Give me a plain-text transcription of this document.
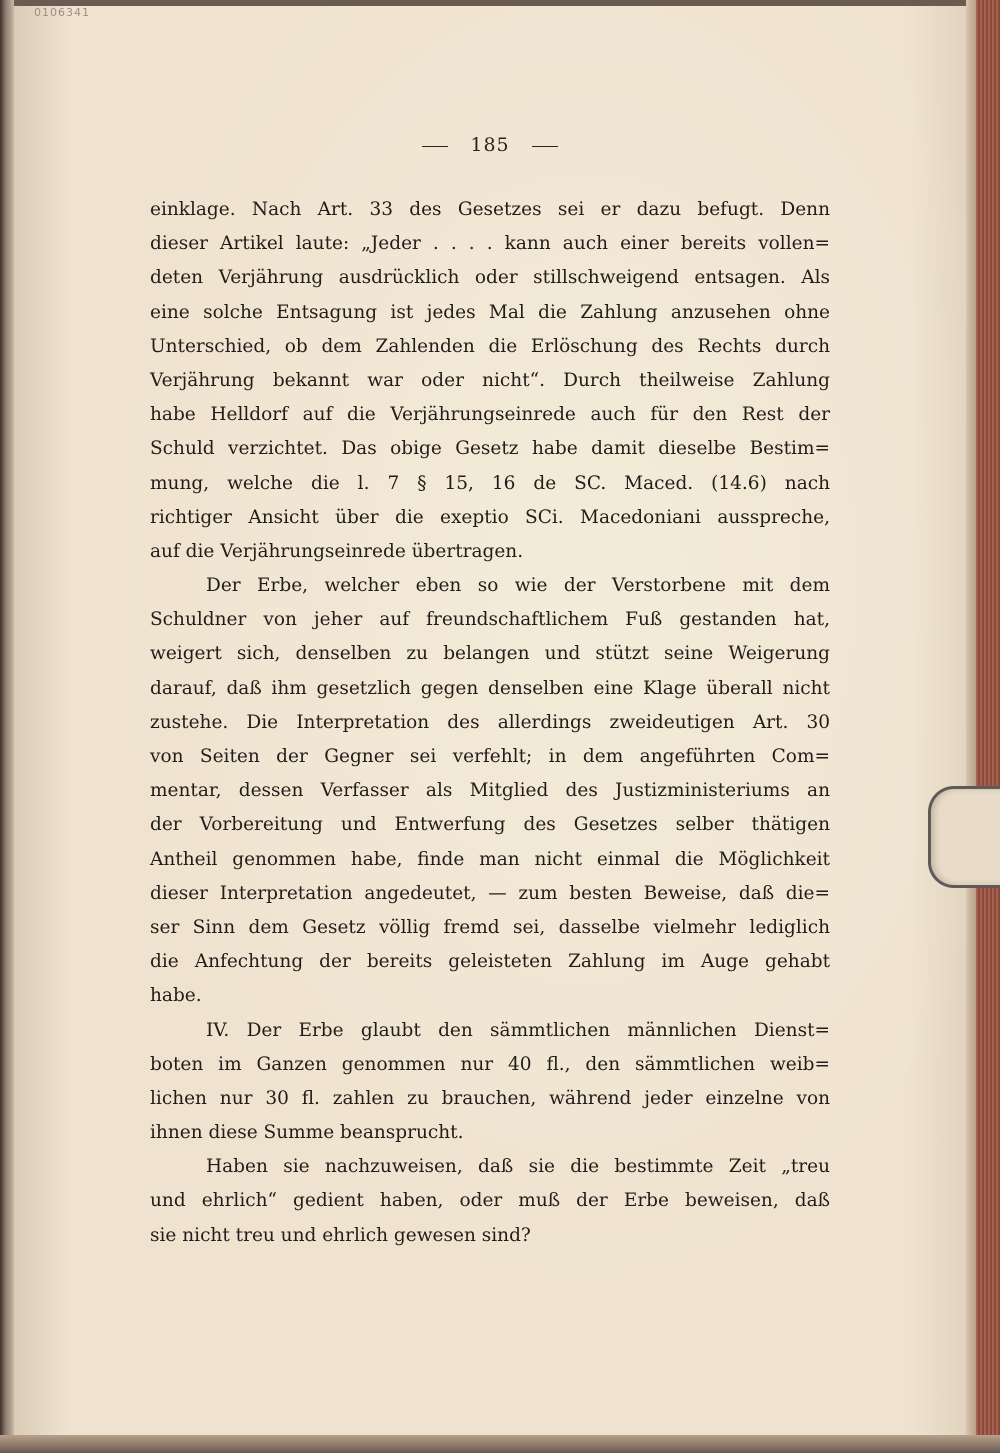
0106341
185
einklage. Nach Art. 33 des Gesetzes sei er dazu befugt. Denn
dieser Artikel laute: „Jeder . . . . kann auch einer bereits vollen=
deten Verjährung ausdrücklich oder stillschweigend entsagen. Als
eine solche Entsagung ist jedes Mal die Zahlung anzusehen ohne
Unterschied, ob dem Zahlenden die Erlöschung des Rechts durch
Verjährung bekannt war oder nicht“. Durch theilweise Zahlung
habe Helldorf auf die Verjährungseinrede auch für den Rest der
Schuld verzichtet. Das obige Gesetz habe damit dieselbe Bestim=
mung, welche die l. 7 § 15, 16 de SC. Maced. (14.6) nach
richtiger Ansicht über die exeptio SCi. Macedoniani ausspreche,
auf die Verjährungseinrede übertragen.
Der Erbe, welcher eben so wie der Verstorbene mit dem
Schuldner von jeher auf freundschaftlichem Fuß gestanden hat,
weigert sich, denselben zu belangen und stützt seine Weigerung
darauf, daß ihm gesetzlich gegen denselben eine Klage überall nicht
zustehe. Die Interpretation des allerdings zweideutigen Art. 30
von Seiten der Gegner sei verfehlt; in dem angeführten Com=
mentar, dessen Verfasser als Mitglied des Justizministeriums an
der Vorbereitung und Entwerfung des Gesetzes selber thätigen
Antheil genommen habe, finde man nicht einmal die Möglichkeit
dieser Interpretation angedeutet, — zum besten Beweise, daß die=
ser Sinn dem Gesetz völlig fremd sei, dasselbe vielmehr lediglich
die Anfechtung der bereits geleisteten Zahlung im Auge gehabt
habe.
IV. Der Erbe glaubt den sämmtlichen männlichen Dienst=
boten im Ganzen genommen nur 40 fl., den sämmtlichen weib=
lichen nur 30 fl. zahlen zu brauchen, während jeder einzelne von
ihnen diese Summe beansprucht.
Haben sie nachzuweisen, daß sie die bestimmte Zeit „treu
und ehrlich“ gedient haben, oder muß der Erbe beweisen, daß
sie nicht treu und ehrlich gewesen sind?
